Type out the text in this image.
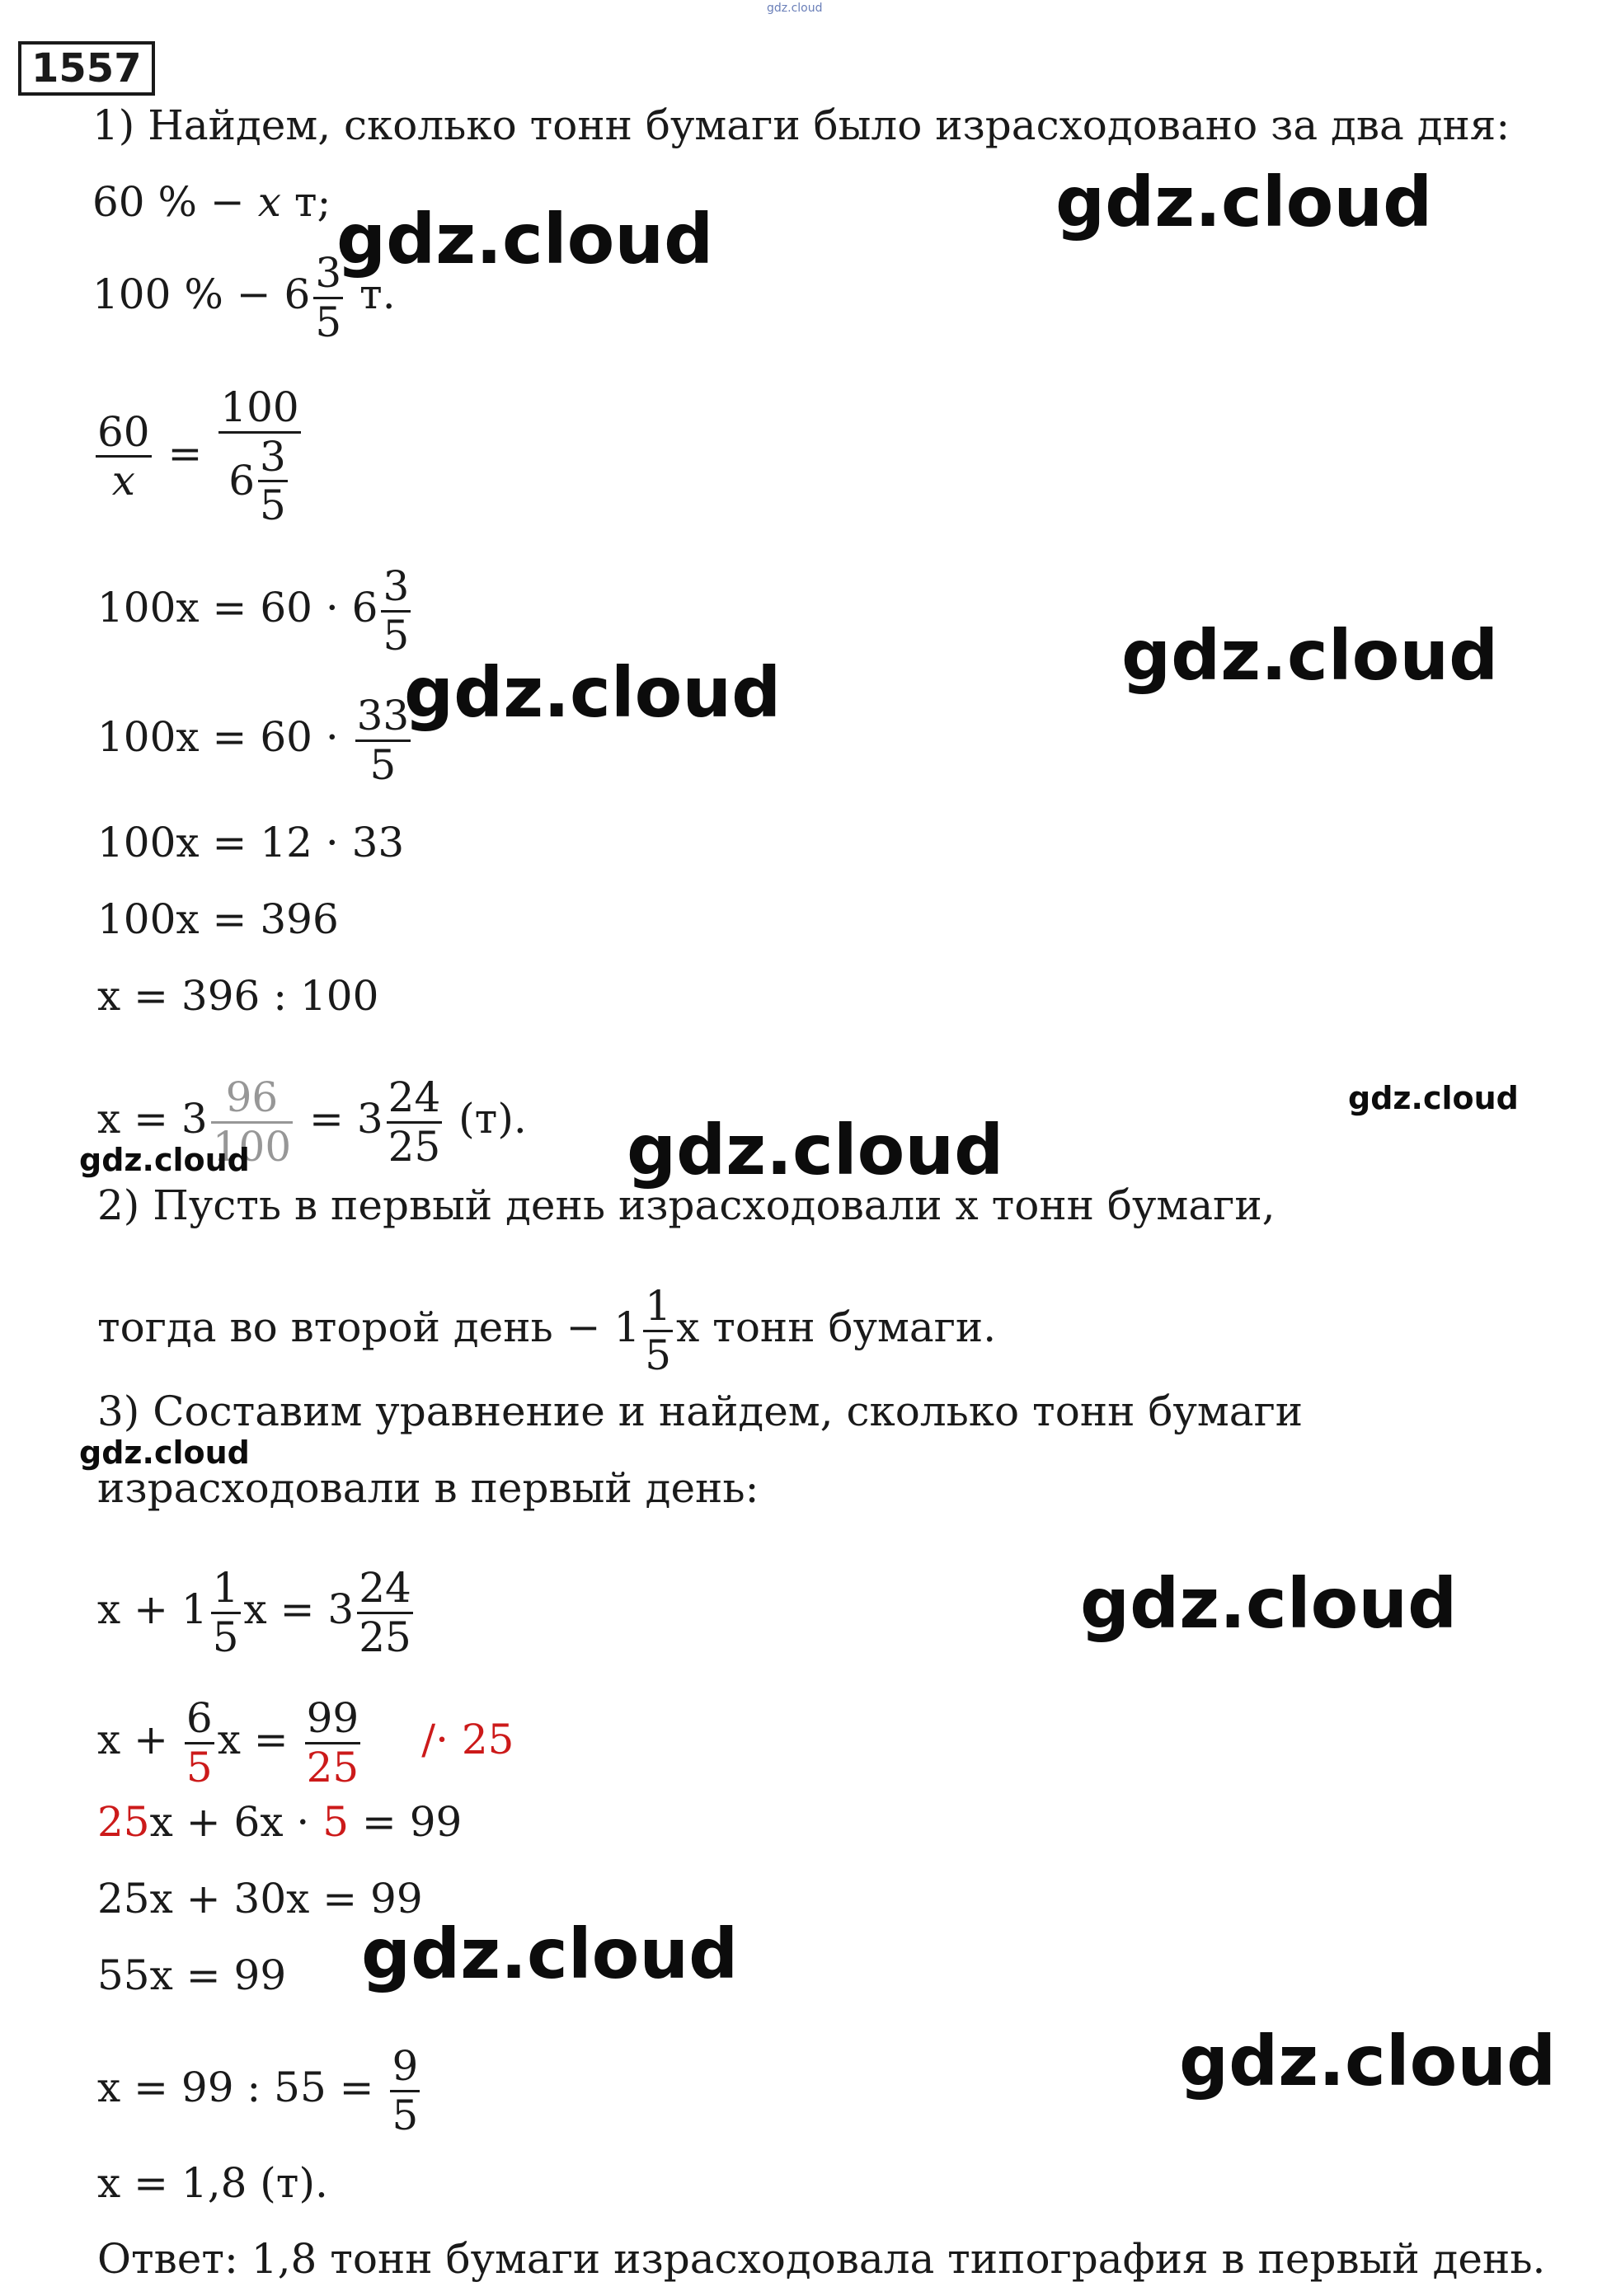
gdz.cloud
1557
1) Найдем, сколько тонн бумаги было израсходовано за два дня:
60 % − x т;
100 % − $6 \frac{3}{5} т$.
$\frac{60}{x} = \frac{100}{6 \frac{3}{5}}$
$100x = 60 \cdot 6 \frac{3}{5}$
$100x = 60 \cdot \frac{33}{5}$
100x = 12 · 33
100x = 396
x = 396 : 100
$x = 3 \frac{96}{100} = 3 \frac{24}{25} (т)$.
2) Пусть в первый день израсходовали x тонн бумаги,
тогда во второй день − $1 \frac{1}{5}$ x тонн бумаги.
3) Составим уравнение и найдем, сколько тонн бумаги
израсходовали в первый день:
$x + 1 \frac{1}{5}$ $x = 3 \frac{24}{25}$
$x + \frac{6}{5}$ $x = \frac{99}{25} /\cdot 25$
25x + 6x · 5 = 99
25x + 30x = 99
55x = 99
x = 99 : $55 = \frac{9}{5}$
x = 1,8 (т).
Ответ: 1,8 тонн бумаги израсходовала типография в первый день.
gdz.cloud
gdz.cloud
gdz.cloud
gdz.cloud
gdz.cloud
gdz.cloud
gdz.cloud
gdz.cloud
gdz.cloud
gdz.cloud
gdz.cloud
